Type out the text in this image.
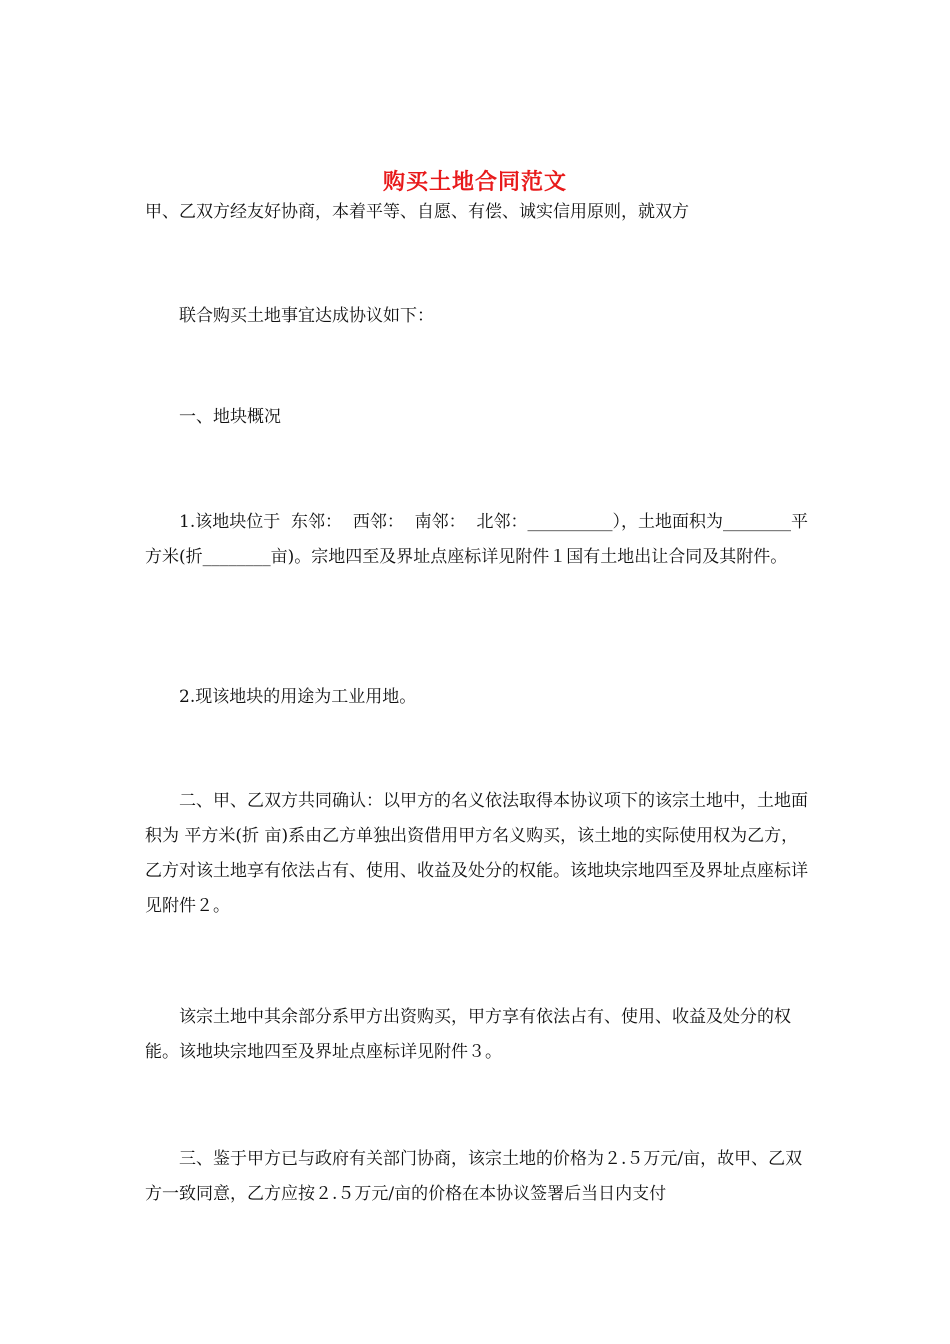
购买土地合同范文

甲、乙双方经友好协商，本着平等、自愿、有偿、诚实信用原则，就双方

联合购买土地事宜达成协议如下：

一、地块概况

1.该地块位于  东邻：  西邻：  南邻：  北邻：__________），土地面积为________平方米(折________亩)。宗地四至及界址点座标详见附件１国有土地出让合同及其附件。

2.现该地块的用途为工业用地。

二、甲、乙双方共同确认：以甲方的名义依法取得本协议项下的该宗土地中，土地面积为 平方米(折 亩)系由乙方单独出资借用甲方名义购买，该土地的实际使用权为乙方，乙方对该土地享有依法占有、使用、收益及处分的权能。该地块宗地四至及界址点座标详见附件２。

该宗土地中其余部分系甲方出资购买，甲方享有依法占有、使用、收益及处分的权能。该地块宗地四至及界址点座标详见附件３。

三、鉴于甲方已与政府有关部门协商，该宗土地的价格为２.５万元/亩，故甲、乙双方一致同意，乙方应按２.５万元/亩的价格在本协议签署后当日内支付
